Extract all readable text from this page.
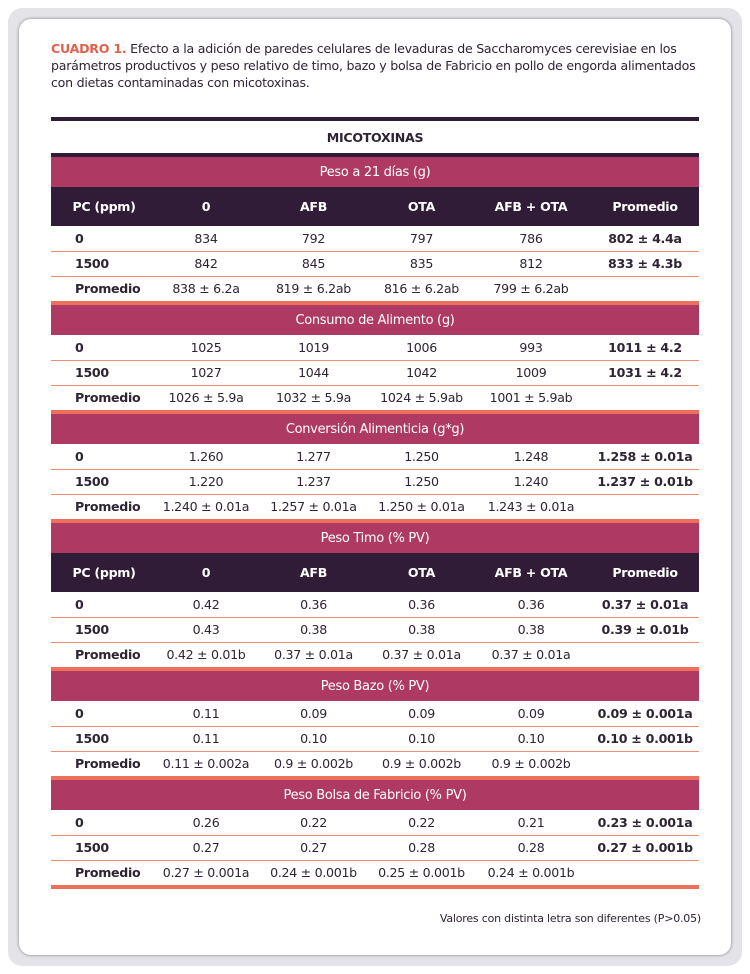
CUADRO 1. Efecto a la adición de paredes celulares de levaduras de Saccharomyces cerevisiae en los parámetros productivos y peso relativo de timo, bazo y bolsa de Fabricio en pollo de engorda alimentados con dietas contaminadas con micotoxinas.

MICOTOXINAS					

Peso a 21 días (g)					
PC (ppm)	0	AFB	OTA	AFB + OTA	Promedio
0	834	792	797	786	802 ± 4.4a
1500	842	845	835	812	833 ± 4.3b
Promedio	838 ± 6.2a	819 ± 6.2ab	816 ± 6.2ab	799 ± 6.2ab	

Consumo de Alimento (g)					
0	1025	1019	1006	993	1011 ± 4.2
1500	1027	1044	1042	1009	1031 ± 4.2
Promedio	1026 ± 5.9a	1032 ± 5.9a	1024 ± 5.9ab	1001 ± 5.9ab	

Conversión Alimenticia (g*g)					
0	1.260	1.277	1.250	1.248	1.258 ± 0.01a
1500	1.220	1.237	1.250	1.240	1.237 ± 0.01b
Promedio	1.240 ± 0.01a	1.257 ± 0.01a	1.250 ± 0.01a	1.243 ± 0.01a	

Peso Timo (% PV)					
PC (ppm)	0	AFB	OTA	AFB + OTA	Promedio
0	0.42	0.36	0.36	0.36	0.37 ± 0.01a
1500	0.43	0.38	0.38	0.38	0.39 ± 0.01b
Promedio	0.42 ± 0.01b	0.37 ± 0.01a	0.37 ± 0.01a	0.37 ± 0.01a	

Peso Bazo (% PV)					
0	0.11	0.09	0.09	0.09	0.09 ± 0.001a
1500	0.11	0.10	0.10	0.10	0.10 ± 0.001b
Promedio	0.11 ± 0.002a	0.9 ± 0.002b	0.9 ± 0.002b	0.9 ± 0.002b	

Peso Bolsa de Fabricio (% PV)					
0	0.26	0.22	0.22	0.21	0.23 ± 0.001a
1500	0.27	0.27	0.28	0.28	0.27 ± 0.001b
Promedio	0.27 ± 0.001a	0.24 ± 0.001b	0.25 ± 0.001b	0.24 ± 0.001b	

Valores con distinta letra son diferentes (P>0.05)
